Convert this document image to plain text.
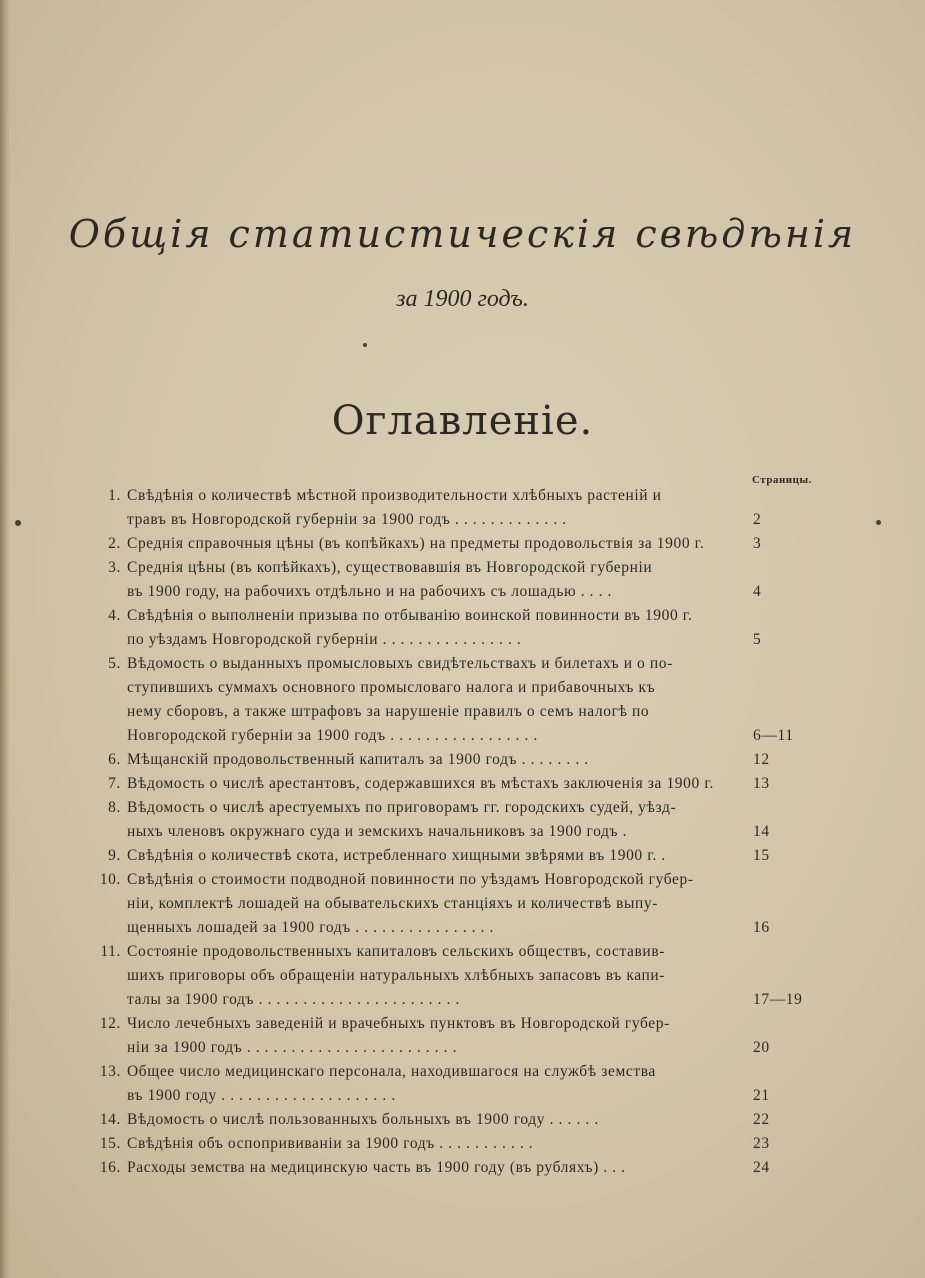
Общія статистическія свѣдѣнія
за 1900 годъ.
Оглавленіе.
Страницы.
1. Свѣдѣнія о количествѣ мѣстной производительности хлѣбныхъ растеній и
травъ въ Новгородской губерніи за 1900 годъ . . . . . . . . . . . . .	2
2. Среднія справочныя цѣны (въ копѣйкахъ) на предметы продовольствія за 1900 г.	3
3. Среднія цѣны (въ копѣйкахъ), существовавшія въ Новгородской губерніи
въ 1900 году, на рабочихъ отдѣльно и на рабочихъ съ лошадью . . . .	4
4. Свѣдѣнія о выполненіи призыва по отбыванію воинской повинности въ 1900 г.
по уѣздамъ Новгородской губерніи . . . . . . . . . . . . . . . .	5
5. Вѣдомость о выданныхъ промысловыхъ свидѣтельствахъ и билетахъ и о по-
ступившихъ суммахъ основного промысловаго налога и прибавочныхъ къ
нему сборовъ, а также штрафовъ за нарушеніе правилъ о семъ налогѣ по
Новгородской губерніи за 1900 годъ . . . . . . . . . . . . . . . . .	6—11
6. Мѣщанскій продовольственный капиталъ за 1900 годъ . . . . . . . .	12
7. Вѣдомость о числѣ арестантовъ, содержавшихся въ мѣстахъ заключенія за 1900 г.	13
8. Вѣдомость о числѣ арестуемыхъ по приговорамъ гг. городскихъ судей, уѣзд-
ныхъ членовъ окружнаго суда и земскихъ начальниковъ за 1900 годъ .	14
9. Свѣдѣнія о количествѣ скота, истребленнаго хищными звѣрями въ 1900 г. .	15
10. Свѣдѣнія о стоимости подводной повинности по уѣздамъ Новгородской губер-
ніи, комплектѣ лошадей на обывательскихъ станціяхъ и количествѣ выпу-
щенныхъ лошадей за 1900 годъ . . . . . . . . . . . . . . . .	16
11. Состояніе продовольственныхъ капиталовъ сельскихъ обществъ, составив-
шихъ приговоры объ обращеніи натуральныхъ хлѣбныхъ запасовъ въ капи-
талы за 1900 годъ . . . . . . . . . . . . . . . . . . . . . . .	17—19
12. Число лечебныхъ заведеній и врачебныхъ пунктовъ въ Новгородской губер-
ніи за 1900 годъ . . . . . . . . . . . . . . . . . . . . . . . .	20
13. Общее число медицинскаго персонала, находившагося на службѣ земства
въ 1900 году . . . . . . . . . . . . . . . . . . . .	21
14. Вѣдомость о числѣ пользованныхъ больныхъ въ 1900 году . . . . . .	22
15. Свѣдѣнія объ оспопрививаніи за 1900 годъ . . . . . . . . . . .	23
16. Расходы земства на медицинскую часть въ 1900 году (въ рубляхъ) . . .	24
